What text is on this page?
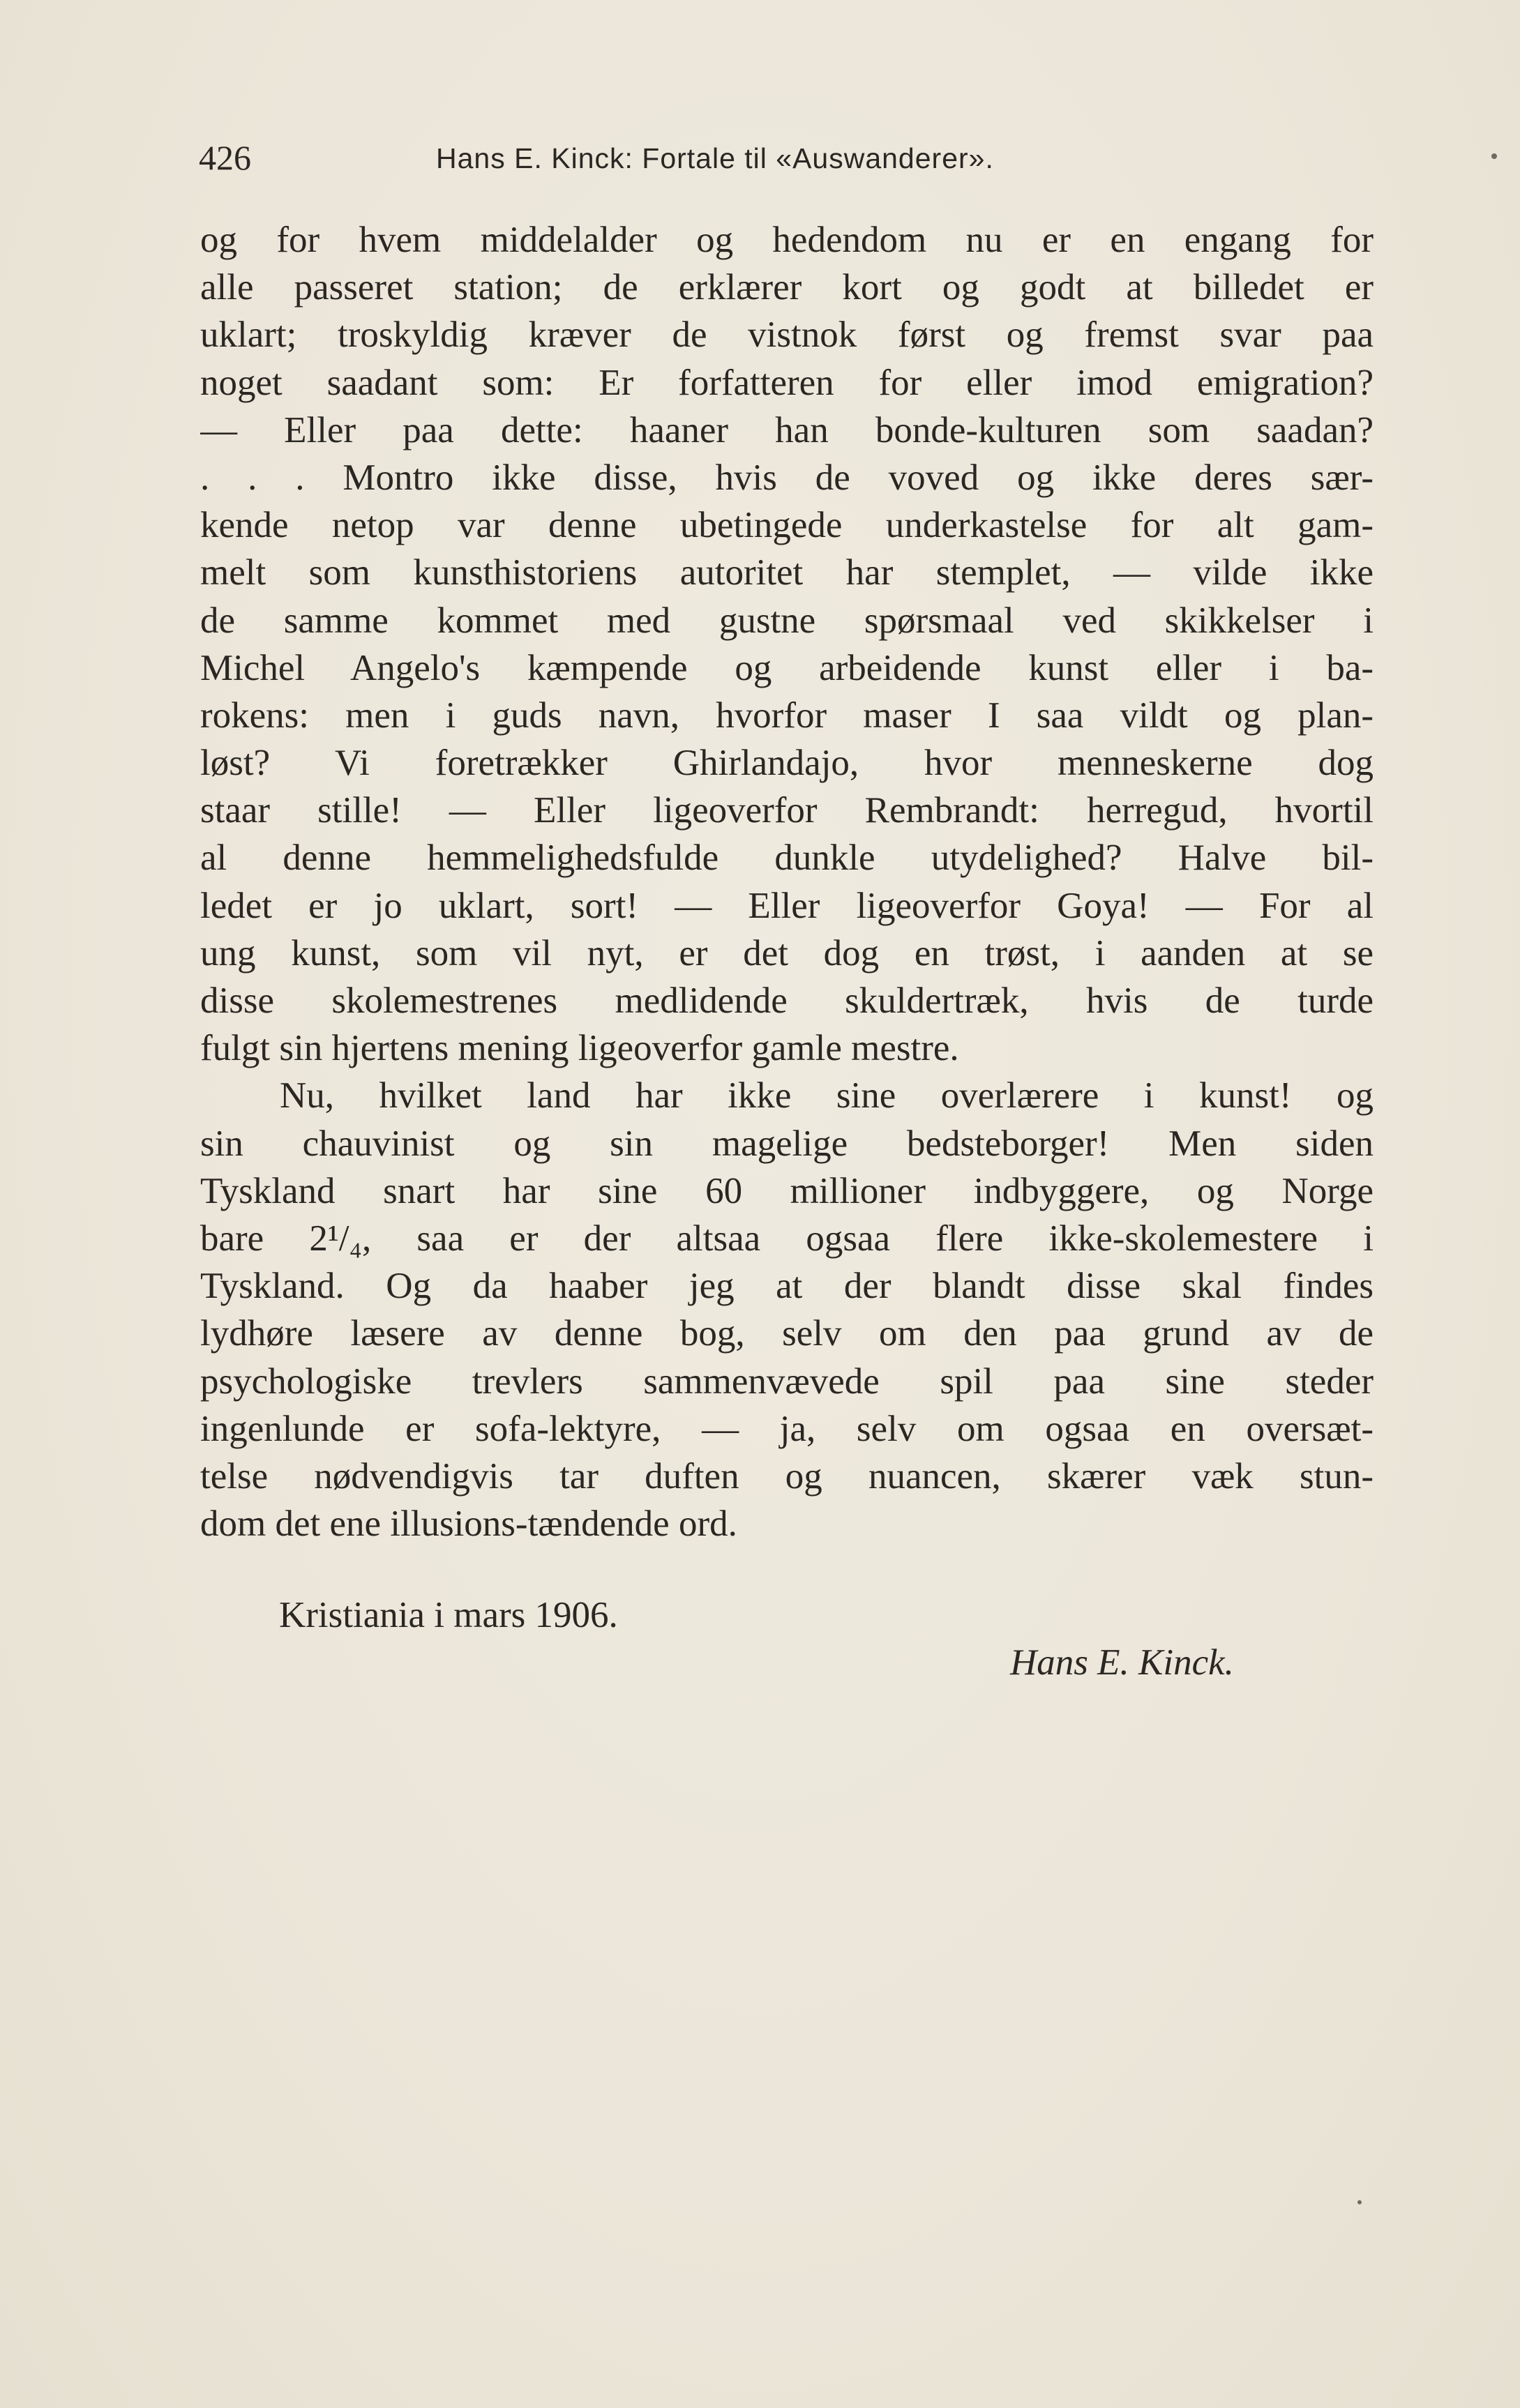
426	Hans E. Kinck: Fortale til «Auswanderer».
og for hvem middelalder og hedendom nu er en engang for
alle passeret station; de erklærer kort og godt at billedet er
uklart; troskyldig kræver de vistnok først og fremst svar paa
noget saadant som: Er forfatteren for eller imod emigration?
— Eller paa dette: haaner han bonde-kulturen som saadan?
. . . Montro ikke disse, hvis de voved og ikke deres sær-
kende netop var denne ubetingede underkastelse for alt gam-
melt som kunsthistoriens autoritet har stemplet, — vilde ikke
de samme kommet med gustne spørsmaal ved skikkelser i
Michel Angelo's kæmpende og arbeidende kunst eller i ba-
rokens: men i guds navn, hvorfor maser I saa vildt og plan-
løst? Vi foretrækker Ghirlandajo, hvor menneskerne dog
staar stille! — Eller ligeoverfor Rembrandt: herregud, hvortil
al denne hemmelighedsfulde dunkle utydelighed? Halve bil-
ledet er jo uklart, sort! — Eller ligeoverfor Goya! — For al
ung kunst, som vil nyt, er det dog en trøst, i aanden at se
disse skolemestrenes medlidende skuldertræk, hvis de turde
fulgt sin hjertens mening ligeoverfor gamle mestre.
Nu, hvilket land har ikke sine overlærere i kunst! og
sin chauvinist og sin magelige bedsteborger! Men siden
Tyskland snart har sine 60 millioner indbyggere, og Norge
bare 2¹/₄, saa er der altsaa ogsaa flere ikke-skolemestere i
Tyskland. Og da haaber jeg at der blandt disse skal findes
lydhøre læsere av denne bog, selv om den paa grund av de
psychologiske trevlers sammenvævede spil paa sine steder
ingenlunde er sofa-lektyre, — ja, selv om ogsaa en oversæt-
telse nødvendigvis tar duften og nuancen, skærer væk stun-
dom det ene illusions-tændende ord.
Kristiania i mars 1906.
Hans E. Kinck.
